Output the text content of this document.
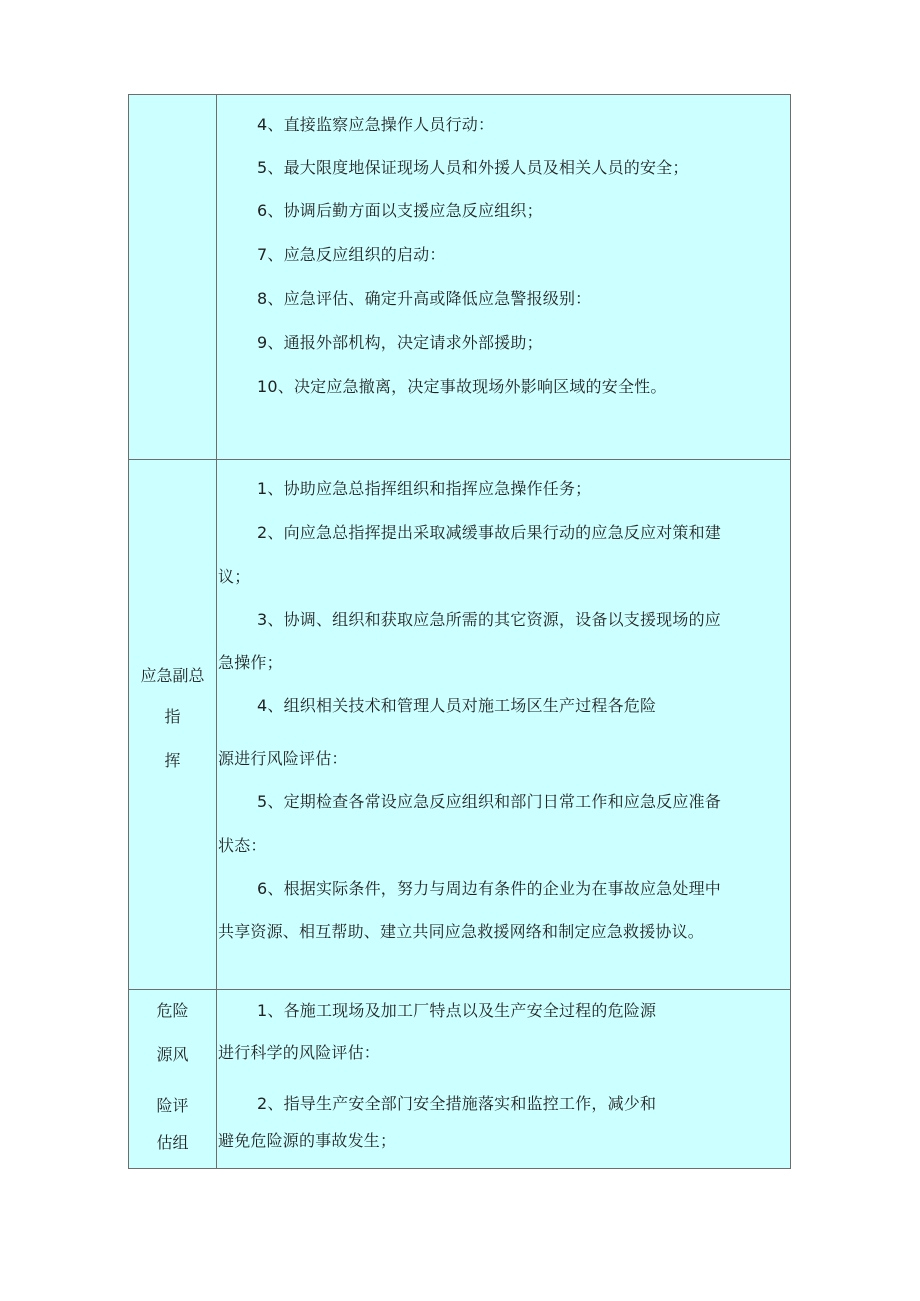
4、直接监察应急操作人员行动：
5、最大限度地保证现场人员和外援人员及相关人员的安全；
6、协调后勤方面以支援应急反应组织；
7、应急反应组织的启动：
8、应急评估、确定升高或降低应急警报级别：
9、通报外部机构，决定请求外部援助；
10、决定应急撤离，决定事故现场外影响区域的安全性。
应急副总
指
挥
1、协助应急总指挥组织和指挥应急操作任务；
2、向应急总指挥提出采取减缓事故后果行动的应急反应对策和建
议；
3、协调、组织和获取应急所需的其它资源，设备以支援现场的应
急操作；
4、组织相关技术和管理人员对施工场区生产过程各危险
源进行风险评估：
5、定期检查各常设应急反应组织和部门日常工作和应急反应准备
状态：
6、根据实际条件，努力与周边有条件的企业为在事故应急处理中
共享资源、相互帮助、建立共同应急救援网络和制定应急救援协议。
危险
源风
险评
估组
1、各施工现场及加工厂特点以及生产安全过程的危险源
进行科学的风险评估：
2、指导生产安全部门安全措施落实和监控工作，减少和
避免危险源的事故发生；
